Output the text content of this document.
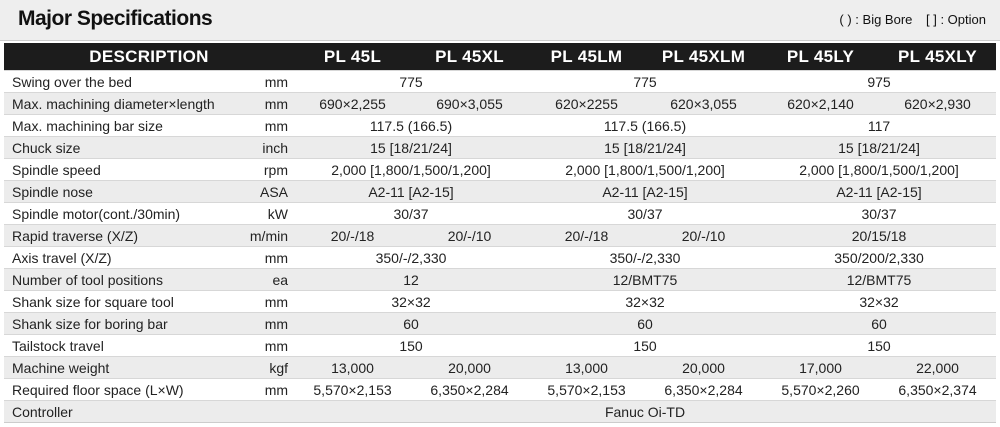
Major Specifications	( ) : Big Bore [ ] : Option
DESCRIPTION		PL 45L	PL 45XL	PL 45LM	PL 45XLM	PL 45LY	PL 45XLY
Swing over the bed	mm	775		775		975	
Max. machining diameter×length	mm	690×2,255	690×3,055	620×2255	620×3,055	620×2,140	620×2,930
Max. machining bar size	mm	117.5 (166.5)		117.5 (166.5)		117	
Chuck size	inch	15 [18/21/24]		15 [18/21/24]		15 [18/21/24]	
Spindle speed	rpm	2,000 [1,800/1,500/1,200]		2,000 [1,800/1,500/1,200]		2,000 [1,800/1,500/1,200]	
Spindle nose	ASA	A2-11 [A2-15]		A2-11 [A2-15]		A2-11 [A2-15]	
Spindle motor(cont./30min)	kW	30/37		30/37		30/37	
Rapid traverse (X/Z)	m/min	20/-/18	20/-/10	20/-/18	20/-/10	20/15/18	
Axis travel (X/Z)	mm	350/-/2,330		350/-/2,330		350/200/2,330	
Number of tool positions	ea	12		12/BMT75		12/BMT75	
Shank size for square tool	mm	32×32		32×32		32×32	
Shank size for boring bar	mm	60		60		60	
Tailstock travel	mm	150		150		150	
Machine weight	kgf	13,000	20,000	13,000	20,000	17,000	22,000
Required floor space (L×W)	mm	5,570×2,153	6,350×2,284	5,570×2,153	6,350×2,284	5,570×2,260	6,350×2,374
Controller		Fanuc Oi-TD					
